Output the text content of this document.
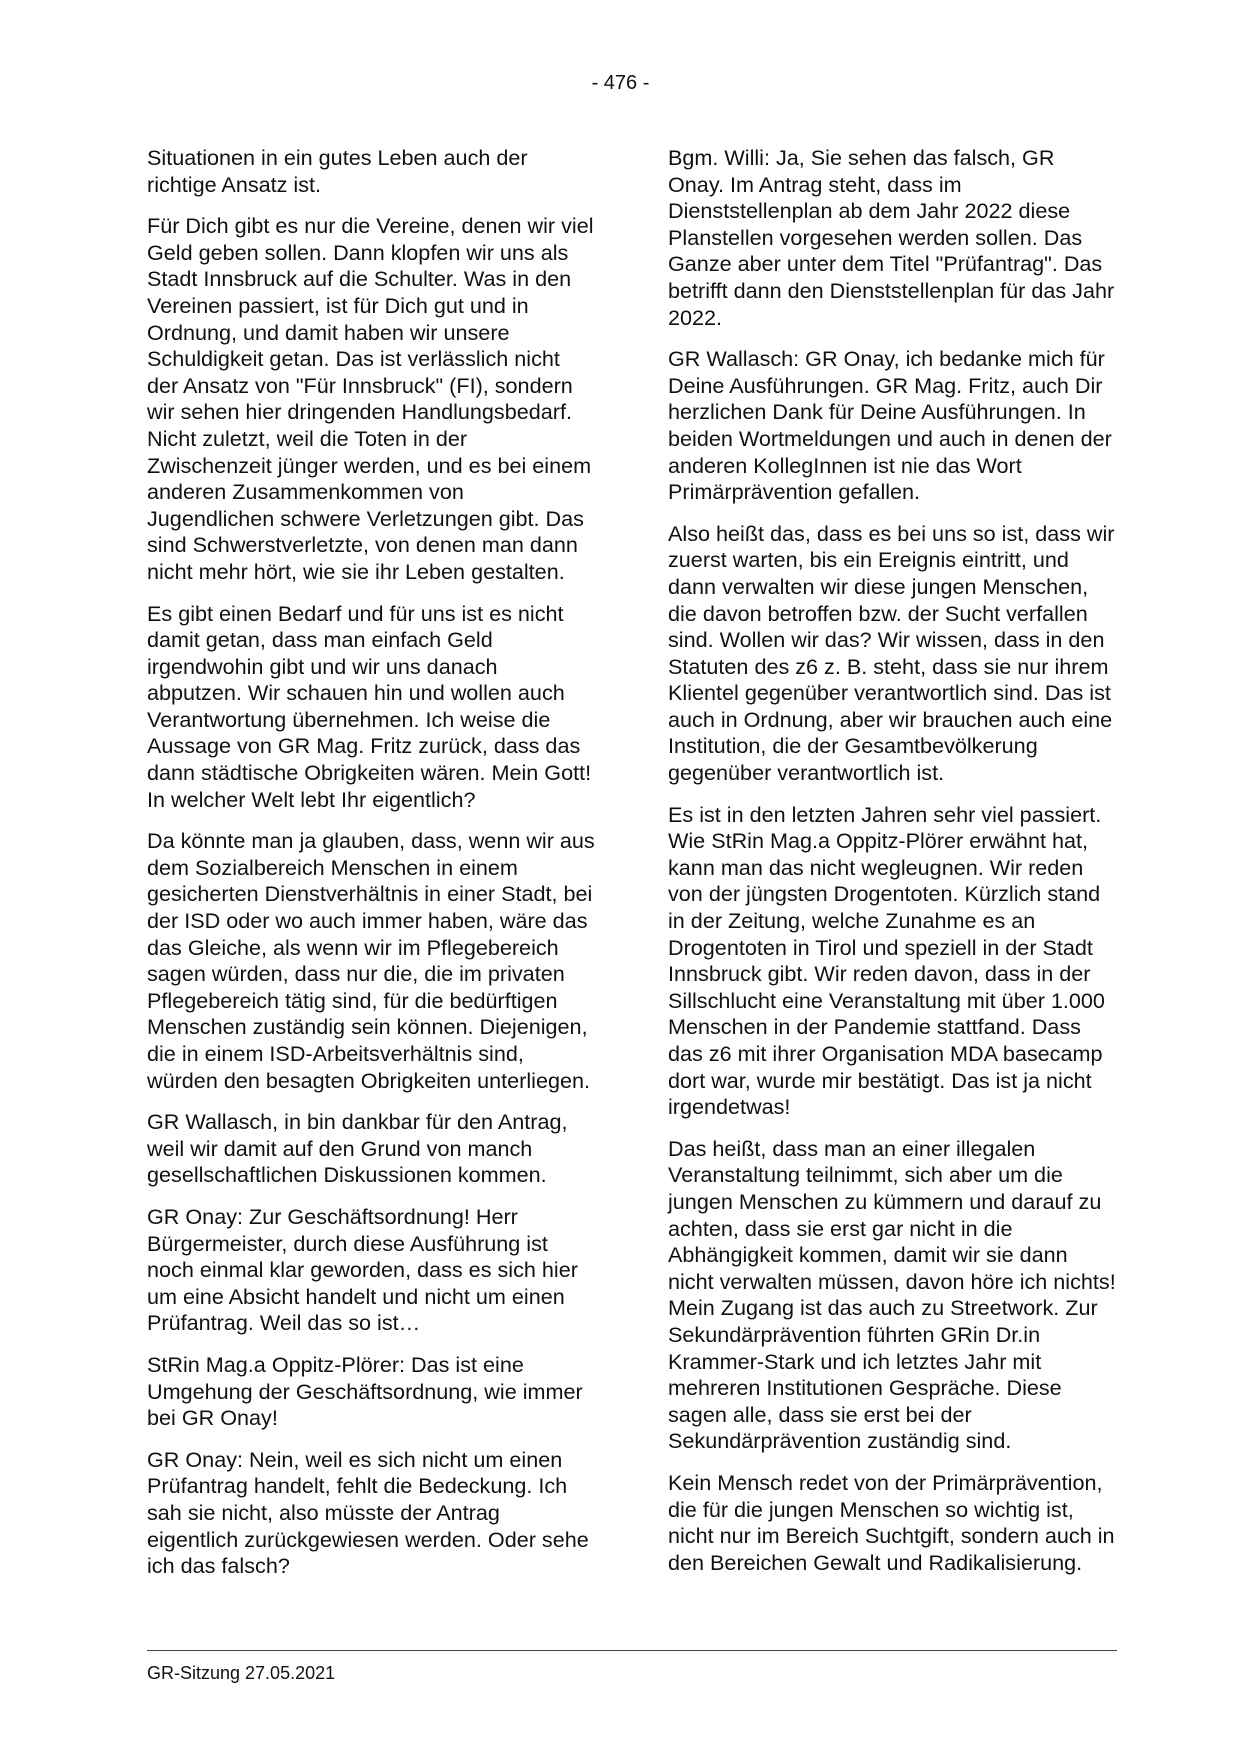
- 476 -

Situationen in ein gutes Leben auch der richtige Ansatz ist.

Für Dich gibt es nur die Vereine, denen wir viel Geld geben sollen. Dann klopfen wir uns als Stadt Innsbruck auf die Schulter. Was in den Vereinen passiert, ist für Dich gut und in Ordnung, und damit haben wir unsere Schuldigkeit getan. Das ist verlässlich nicht der Ansatz von "Für Innsbruck" (FI), sondern wir sehen hier dringenden Handlungsbedarf. Nicht zuletzt, weil die Toten in der Zwischenzeit jünger werden, und es bei einem anderen Zusammenkommen von Jugendlichen schwere Verletzungen gibt. Das sind Schwerstverletzte, von denen man dann nicht mehr hört, wie sie ihr Leben gestalten.

Es gibt einen Bedarf und für uns ist es nicht damit getan, dass man einfach Geld irgendwohin gibt und wir uns danach abputzen. Wir schauen hin und wollen auch Verantwortung übernehmen. Ich weise die Aussage von GR Mag. Fritz zurück, dass das dann städtische Obrigkeiten wären. Mein Gott! In welcher Welt lebt Ihr eigentlich?

Da könnte man ja glauben, dass, wenn wir aus dem Sozialbereich Menschen in einem gesicherten Dienstverhältnis in einer Stadt, bei der ISD oder wo auch immer haben, wäre das das Gleiche, als wenn wir im Pflegebereich sagen würden, dass nur die, die im privaten Pflegebereich tätig sind, für die bedürftigen Menschen zuständig sein können. Diejenigen, die in einem ISD-Arbeitsverhältnis sind, würden den besagten Obrigkeiten unterliegen.

GR Wallasch, in bin dankbar für den Antrag, weil wir damit auf den Grund von manch gesellschaftlichen Diskussionen kommen.

GR Onay: Zur Geschäftsordnung! Herr Bürgermeister, durch diese Ausführung ist noch einmal klar geworden, dass es sich hier um eine Absicht handelt und nicht um einen Prüfantrag. Weil das so ist…

StRin Mag.a Oppitz-Plörer: Das ist eine Umgehung der Geschäftsordnung, wie immer bei GR Onay!

GR Onay: Nein, weil es sich nicht um einen Prüfantrag handelt, fehlt die Bedeckung. Ich sah sie nicht, also müsste der Antrag eigentlich zurückgewiesen werden. Oder sehe ich das falsch?

Bgm. Willi: Ja, Sie sehen das falsch, GR Onay. Im Antrag steht, dass im Dienststellenplan ab dem Jahr 2022 diese Planstellen vorgesehen werden sollen. Das Ganze aber unter dem Titel "Prüfantrag". Das betrifft dann den Dienststellenplan für das Jahr 2022.

GR Wallasch: GR Onay, ich bedanke mich für Deine Ausführungen. GR Mag. Fritz, auch Dir herzlichen Dank für Deine Ausführungen. In beiden Wortmeldungen und auch in denen der anderen KollegInnen ist nie das Wort Primärprävention gefallen.

Also heißt das, dass es bei uns so ist, dass wir zuerst warten, bis ein Ereignis eintritt, und dann verwalten wir diese jungen Menschen, die davon betroffen bzw. der Sucht verfallen sind. Wollen wir das? Wir wissen, dass in den Statuten des z6 z. B. steht, dass sie nur ihrem Klientel gegenüber verantwortlich sind. Das ist auch in Ordnung, aber wir brauchen auch eine Institution, die der Gesamtbevölkerung gegenüber verantwortlich ist.

Es ist in den letzten Jahren sehr viel passiert. Wie StRin Mag.a Oppitz-Plörer erwähnt hat, kann man das nicht wegleugnen. Wir reden von der jüngsten Drogentoten. Kürzlich stand in der Zeitung, welche Zunahme es an Drogentoten in Tirol und speziell in der Stadt Innsbruck gibt. Wir reden davon, dass in der Sillschlucht eine Veranstaltung mit über 1.000 Menschen in der Pandemie stattfand. Dass das z6 mit ihrer Organisation MDA basecamp dort war, wurde mir bestätigt. Das ist ja nicht irgendetwas!

Das heißt, dass man an einer illegalen Veranstaltung teilnimmt, sich aber um die jungen Menschen zu kümmern und darauf zu achten, dass sie erst gar nicht in die Abhängigkeit kommen, damit wir sie dann nicht verwalten müssen, davon höre ich nichts! Mein Zugang ist das auch zu Streetwork. Zur Sekundärprävention führten GRin Dr.in Krammer-Stark und ich letztes Jahr mit mehreren Institutionen Gespräche. Diese sagen alle, dass sie erst bei der Sekundärprävention zuständig sind.

Kein Mensch redet von der Primärprävention, die für die jungen Menschen so wichtig ist, nicht nur im Bereich Suchtgift, sondern auch in den Bereichen Gewalt und Radikalisierung.

GR-Sitzung 27.05.2021
